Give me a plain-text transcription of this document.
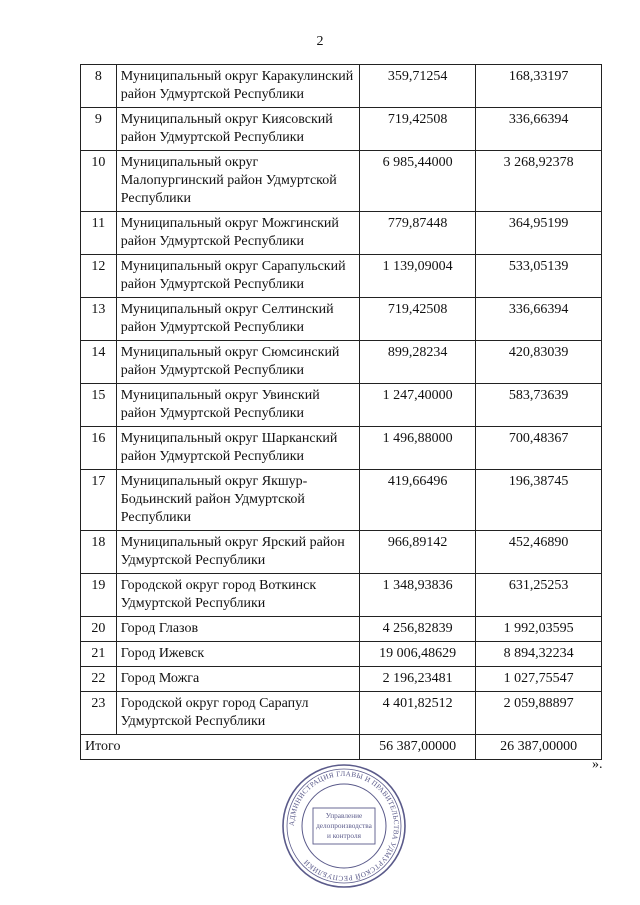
2
8	Муниципальный округ Каракулинский район Удмуртской Республики	359,71254	168,33197
9	Муниципальный округ Киясовский район Удмуртской Республики	719,42508	336,66394
10	Муниципальный округ Малопургинский район Удмуртской Республики	6 985,44000	3 268,92378
11	Муниципальный округ Можгинский район Удмуртской Республики	779,87448	364,95199
12	Муниципальный округ Сарапульский район Удмуртской Республики	1 139,09004	533,05139
13	Муниципальный округ Селтинский район Удмуртской Республики	719,42508	336,66394
14	Муниципальный округ Сюмсинский район Удмуртской Республики	899,28234	420,83039
15	Муниципальный округ Увинский район Удмуртской Республики	1 247,40000	583,73639
16	Муниципальный округ Шарканский район Удмуртской Республики	1 496,88000	700,48367
17	Муниципальный округ Якшур-Бодьинский район Удмуртской Республики	419,66496	196,38745
18	Муниципальный округ Ярский район Удмуртской Республики	966,89142	452,46890
19	Городской округ город Воткинск Удмуртской Республики	1 348,93836	631,25253
20	Город Глазов	4 256,82839	1 992,03595
21	Город Ижевск	19 006,48629	8 894,32234
22	Город Можга	2 196,23481	1 027,75547
23	Городской округ город Сарапул Удмуртской Республики	4 401,82512	2 059,88897
Итого		56 387,00000	26 387,00000
».
АДМИНИСТРАЦИЯ ГЛАВЫ И ПРАВИТЕЛЬСТВА УДМУРТСКОЙ РЕСПУБЛИКИ
Управление делопроизводства и контроля
